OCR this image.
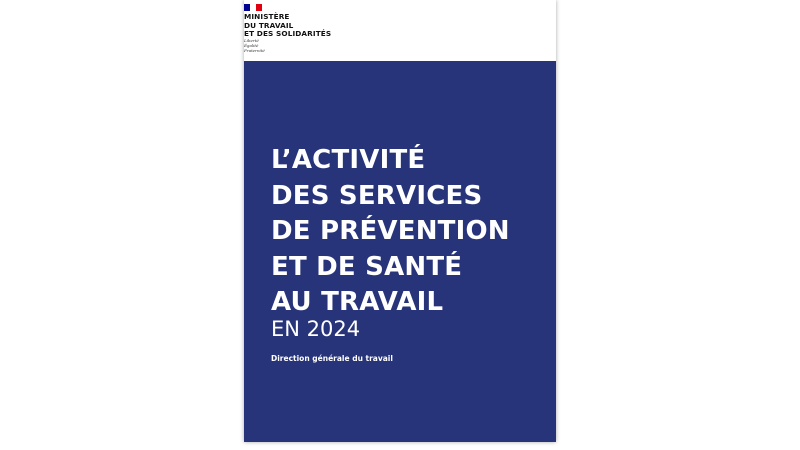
MINISTÈRE
DU TRAVAIL
ET DES SOLIDARITÉS
Liberté
Égalité
Fraternité
L’ACTIVITÉ
DES SERVICES
DE PRÉVENTION
ET DE SANTÉ
AU TRAVAIL
EN 2024
Direction générale du travail
